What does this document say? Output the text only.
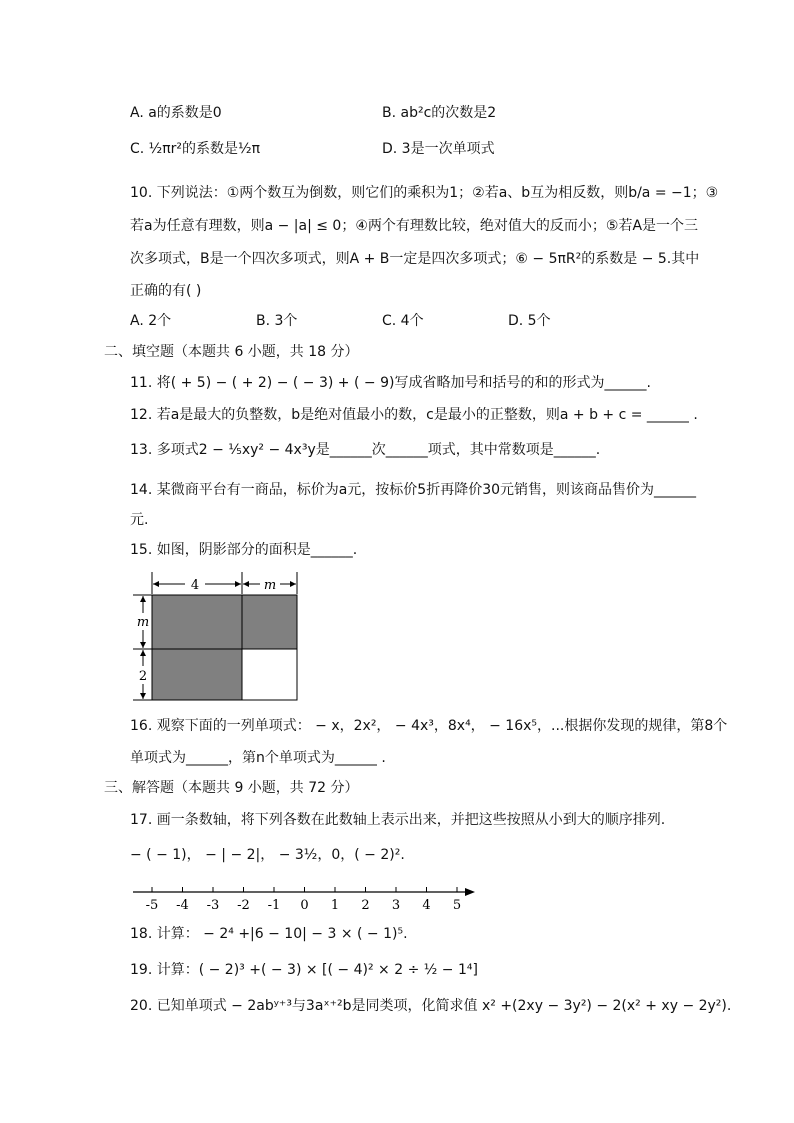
A. a的系数是0	B. ab²c的次数是2
C. ½πr²的系数是½π	D. 3是一次单项式
10. 下列说法：①两个数互为倒数，则它们的乘积为1；②若a、b互为相反数，则b/a = −1；③
若a为任意有理数，则a − |a| ≤ 0；④两个有理数比较，绝对值大的反而小；⑤若A是一个三
次多项式，B是一个四次多项式，则A + B一定是四次多项式；⑥ − 5πR²的系数是 − 5.其中
正确的有( )
A. 2个	B. 3个	C. 4个	D. 5个
二、填空题（本题共 6 小题，共 18 分）
11. 将( + 5) − ( + 2) − ( − 3) + ( − 9)写成省略加号和括号的和的形式为______.
12. 若a是最大的负整数，b是绝对值最小的数，c是最小的正整数，则a + b + c = ______ .
13. 多项式2 − ⅕xy² − 4x³y是______次______项式，其中常数项是______.
14. 某微商平台有一商品，标价为a元，按标价5折再降价30元销售，则该商品售价为______
元.
15. 如图，阴影部分的面积是______.
4	m
m
2
16. 观察下面的一列单项式： − x，2x²， − 4x³，8x⁴， − 16x⁵，...根据你发现的规律，第8个
单项式为______，第n个单项式为______ .
三、解答题（本题共 9 小题，共 72 分）
17. 画一条数轴，将下列各数在此数轴上表示出来，并把这些按照从小到大的顺序排列.
− ( − 1)， − | − 2|， − 3½，0，( − 2)².
-5 -4 -3 -2 -1 0 1 2 3 4 5
18. 计算： − 2⁴ +|6 − 10| − 3 × ( − 1)⁵.
19. 计算：( − 2)³ +( − 3) × [( − 4)² × 2 ÷ ½ − 1⁴]
20. 已知单项式 − 2abʸ⁺³与3aˣ⁺²b是同类项，化简求值 x² +(2xy − 3y²) − 2(x² + xy − 2y²).
